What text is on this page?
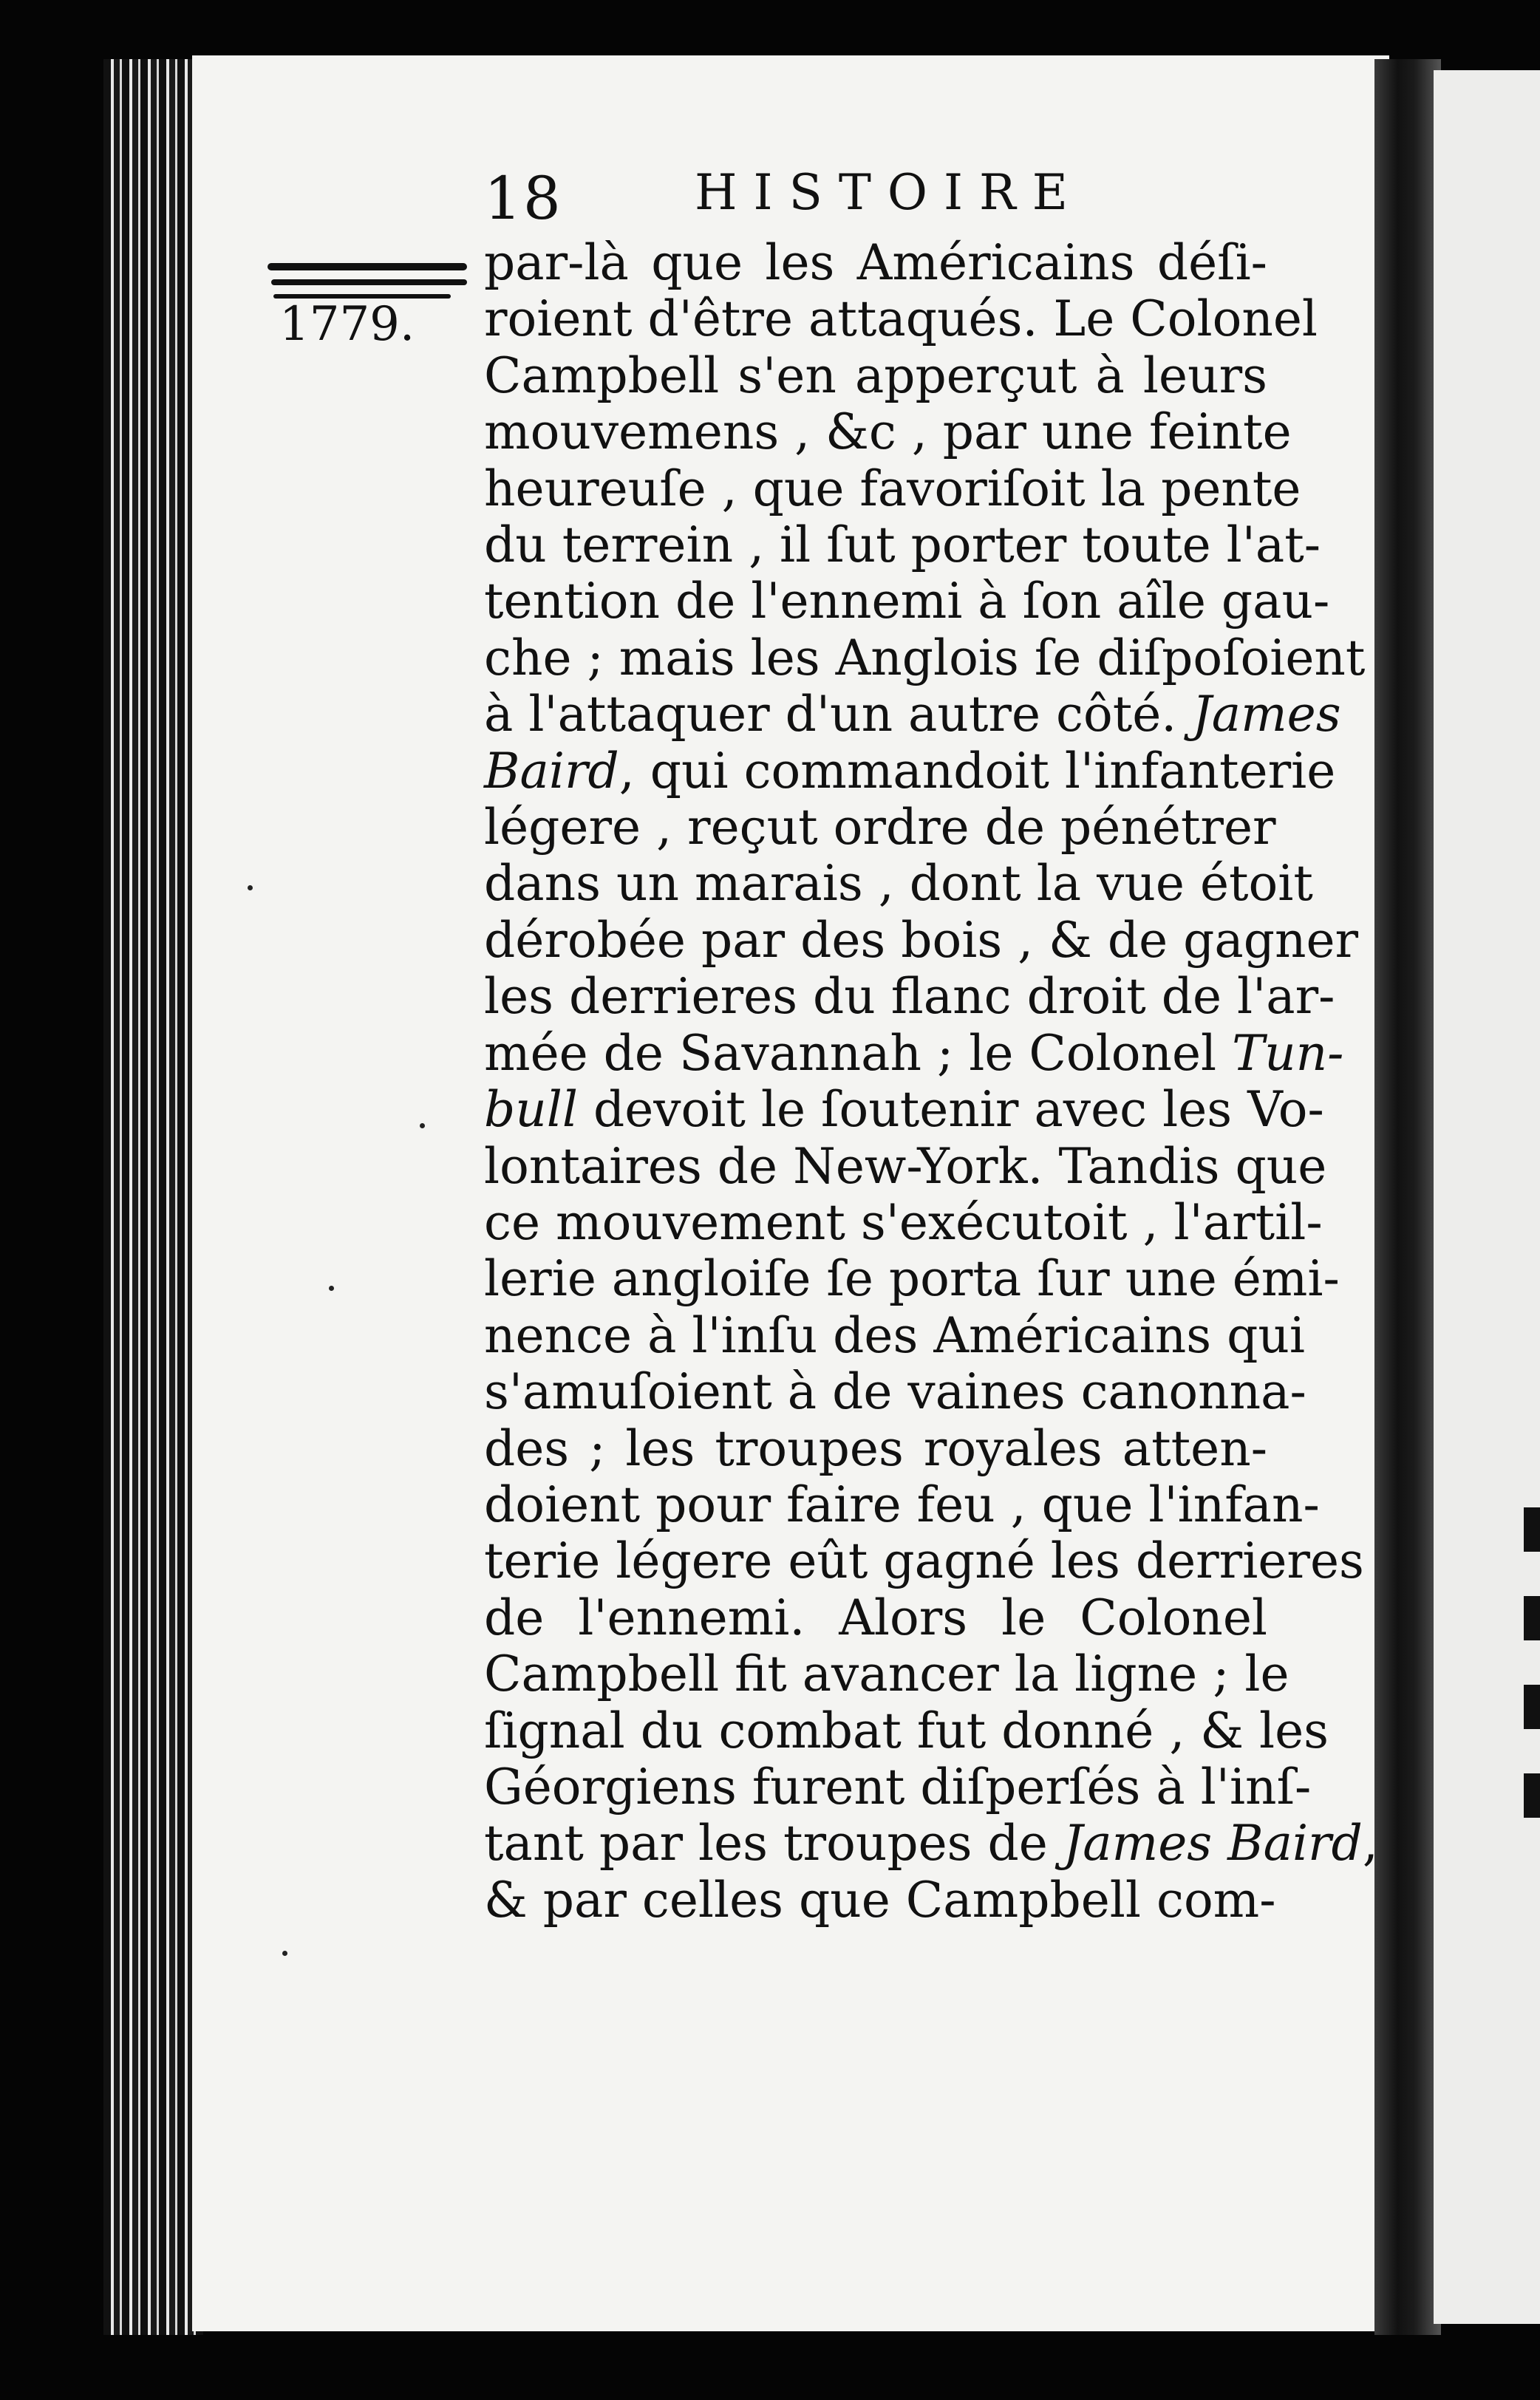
18	HISTOIRE
1779.
par-là que les Américains déſi-
roient d'être attaqués. Le Colonel
Campbell s'en apperçut à leurs
mouvemens , &c , par une feinte
heureuſe , que favoriſoit la pente
du terrein , il ſut porter toute l'at-
tention de l'ennemi à ſon aîle gau-
che ; mais les Anglois ſe diſpoſoient
à l'attaquer d'un autre côté. James
Baird, qui commandoit l'infanterie
légere , reçut ordre de pénétrer
dans un marais , dont la vue étoit
dérobée par des bois , & de gagner
les derrieres du flanc droit de l'ar-
mée de Savannah ; le Colonel Tun-
bull devoit le ſoutenir avec les Vo-
lontaires de New-York. Tandis que
ce mouvement s'exécutoit , l'artil-
lerie angloiſe ſe porta ſur une émi-
nence à l'inſu des Américains qui
s'amuſoient à de vaines canonna-
des ; les troupes royales atten-
doient pour faire feu , que l'infan-
terie légere eût gagné les derrieres
de l'ennemi. Alors le Colonel
Campbell fit avancer la ligne ; le
ſignal du combat fut donné , & les
Géorgiens furent diſperſés à l'inſ-
tant par les troupes de James Baird,
& par celles que Campbell com-
